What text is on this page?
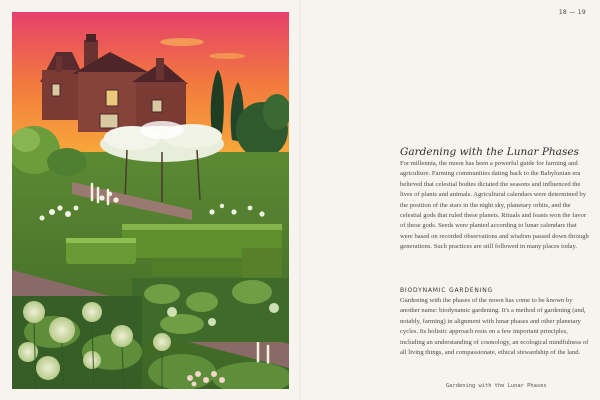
18 — 19
Gardening with the Lunar Phases

For millennia, the moon has been a powerful guide for farming and agriculture. Farming communities dating back to the Babylonian era believed that celestial bodies dictated the seasons and influenced the lives of plants and animals. Agricultural calendars were determined by the position of the stars in the night sky, planetary orbits, and the celestial gods that ruled these planets. Rituals and feasts won the favor of these gods. Seeds were planted according to lunar calendars that were based on recorded observations and wisdom passed down through generations. Such practices are still followed in many places today.

BIODYNAMIC GARDENING

Gardening with the phases of the moon has come to be known by another name: biodynamic gardening. It's a method of gardening (and, notably, farming) in alignment with lunar phases and other planetary cycles. Its holistic approach rests on a few important principles, including an understanding of cosmology, an ecological mindfulness of all living things, and compassionate, ethical stewardship of the land.

Gardening with the Lunar Phases
